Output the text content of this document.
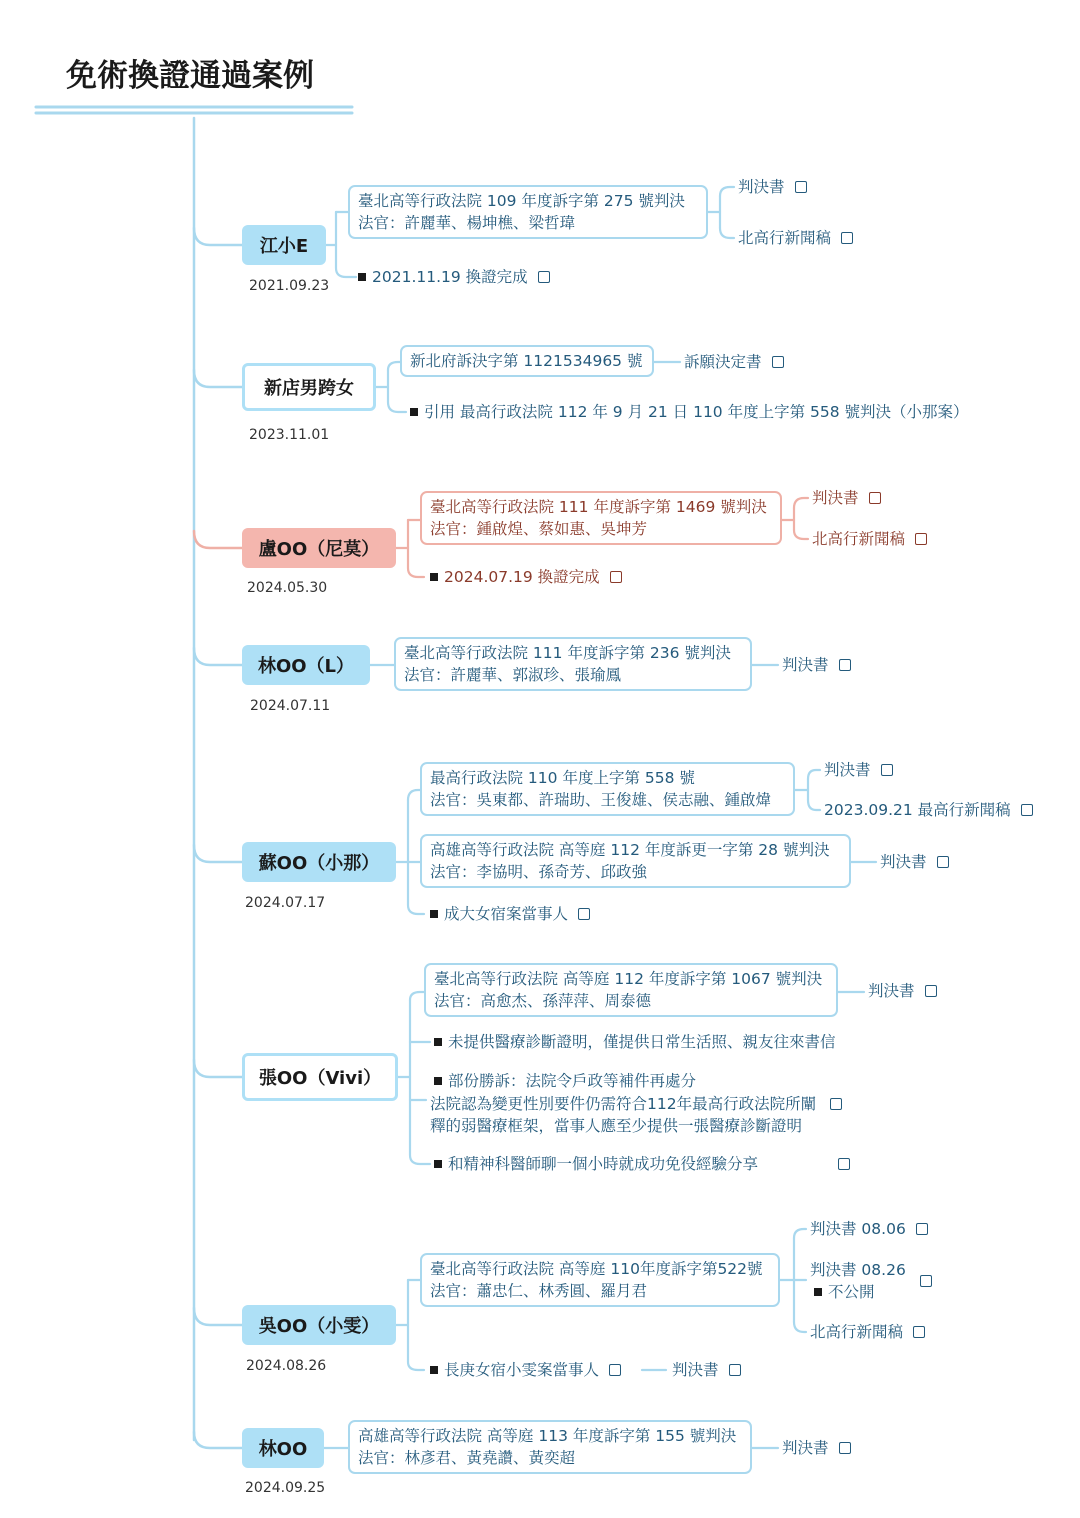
免術換證通過案例
江小E
2021.09.23
臺北高等行政法院 109 年度訴字第 275 號判決
法官：許麗華、楊坤樵、梁哲瑋
判決書
北高行新聞稿
2021.11.19 換證完成
新店男跨女
2023.11.01
新北府訴決字第 1121534965 號	訴願決定書
引用 最高行政法院 112 年 9 月 21 日 110 年度上字第 558 號判決（小那案）
盧OO（尼莫）
2024.05.30
臺北高等行政法院 111 年度訴字第 1469 號判決
法官：鍾啟煌、蔡如惠、吳坤芳
判決書
北高行新聞稿
2024.07.19 換證完成
林OO（L）
2024.07.11
臺北高等行政法院 111 年度訴字第 236 號判決
法官：許麗華、郭淑珍、張瑜鳳
判決書
蘇OO（小那）
2024.07.17
最高行政法院 110 年度上字第 558 號
法官：吳東都、許瑞助、王俊雄、侯志融、鍾啟煒
判決書
2023.09.21 最高行新聞稿
高雄高等行政法院 高等庭 112 年度訴更一字第 28 號判決
法官：李協明、孫奇芳、邱政強
判決書
成大女宿案當事人
張OO（Vivi）
臺北高等行政法院 高等庭 112 年度訴字第 1067 號判決
法官：高愈杰、孫萍萍、周泰德
判決書
未提供醫療診斷證明，僅提供日常生活照、親友往來書信
部份勝訴：法院令戶政等補件再處分
法院認為變更性別要件仍需符合112年最高行政法院所闡
釋的弱醫療框架，當事人應至少提供一張醫療診斷證明
和精神科醫師聊一個小時就成功免役經驗分享
吳OO（小雯）
2024.08.26
臺北高等行政法院 高等庭 110年度訴字第522號
法官：蕭忠仁、林秀圓、羅月君
判決書 08.06
判決書 08.26
不公開
北高行新聞稿
長庚女宿小雯案當事人	判決書
林OO
2024.09.25
高雄高等行政法院 高等庭 113 年度訴字第 155 號判決
法官：林彥君、黃堯讚、黃奕超
判決書
